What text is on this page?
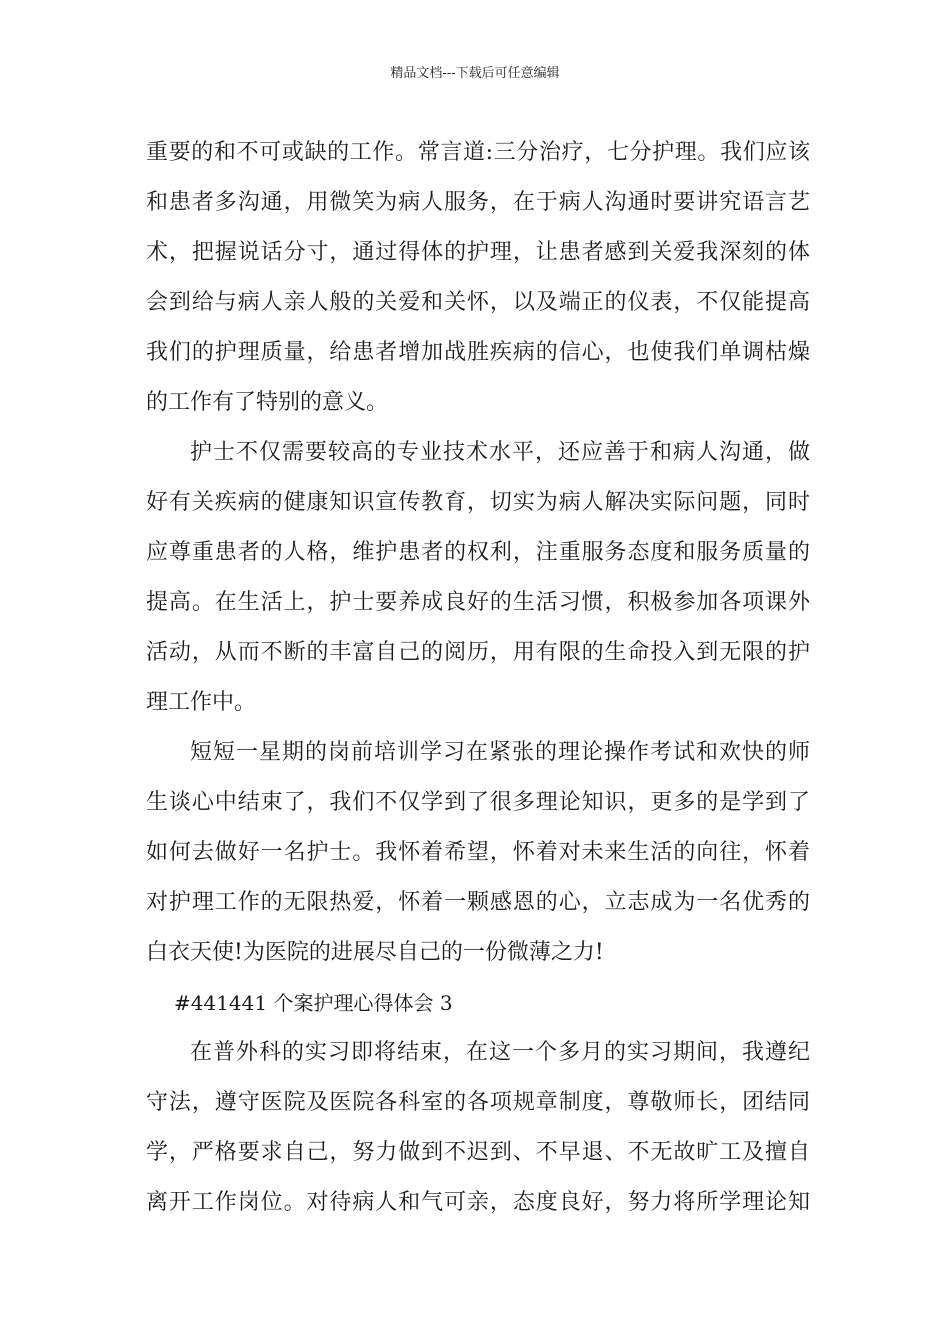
精品文档---下载后可任意编辑
重要的和不可或缺的工作。常言道:三分治疗，七分护理。我们应该
和患者多沟通，用微笑为病人服务，在于病人沟通时要讲究语言艺
术，把握说话分寸，通过得体的护理，让患者感到关爱我深刻的体
会到给与病人亲人般的关爱和关怀，以及端正的仪表，不仅能提高
我们的护理质量，给患者增加战胜疾病的信心，也使我们单调枯燥
的工作有了特别的意义。
护士不仅需要较高的专业技术水平，还应善于和病人沟通，做
好有关疾病的健康知识宣传教育，切实为病人解决实际问题，同时
应尊重患者的人格，维护患者的权利，注重服务态度和服务质量的
提高。在生活上，护士要养成良好的生活习惯，积极参加各项课外
活动，从而不断的丰富自己的阅历，用有限的生命投入到无限的护
理工作中。
短短一星期的岗前培训学习在紧张的理论操作考试和欢快的师
生谈心中结束了，我们不仅学到了很多理论知识，更多的是学到了
如何去做好一名护士。我怀着希望，怀着对未来生活的向往，怀着
对护理工作的无限热爱，怀着一颗感恩的心，立志成为一名优秀的
白衣天使!为医院的进展尽自己的一份微薄之力!
#441441 个案护理心得体会 3
在普外科的实习即将结束，在这一个多月的实习期间，我遵纪
守法，遵守医院及医院各科室的各项规章制度，尊敬师长，团结同
学，严格要求自己，努力做到不迟到、不早退、不无故旷工及擅自
离开工作岗位。对待病人和气可亲，态度良好，努力将所学理论知
